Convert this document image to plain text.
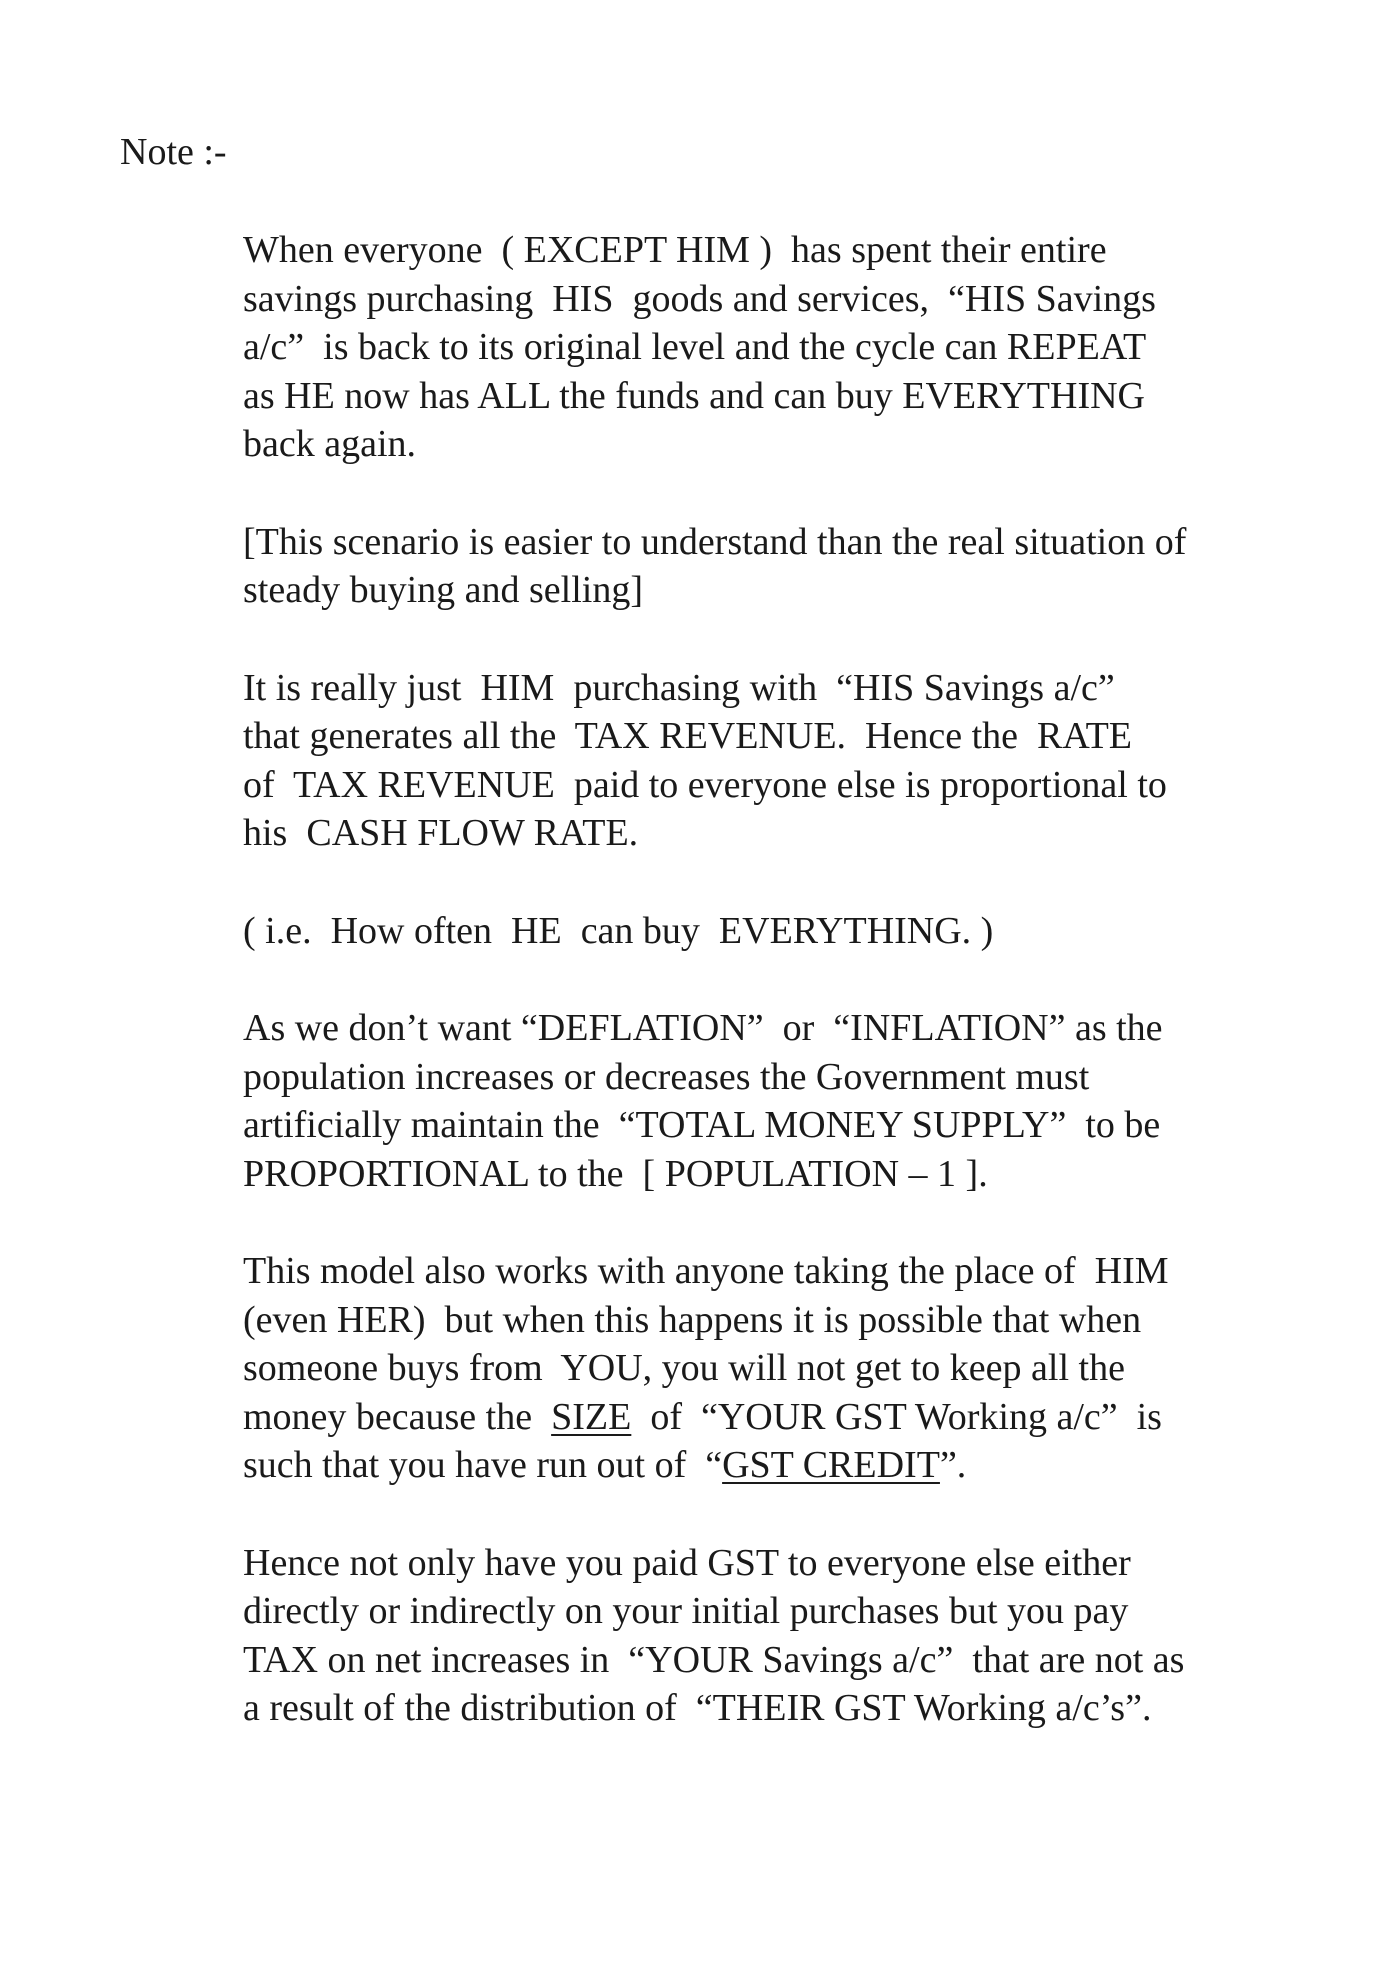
Note :-

When everyone  ( EXCEPT HIM )  has spent their entire
savings purchasing  HIS  goods and services,  “HIS Savings
a/c”  is back to its original level and the cycle can REPEAT
as HE now has ALL the funds and can buy EVERYTHING
back again.

[This scenario is easier to understand than the real situation of
steady buying and selling]

It is really just  HIM  purchasing with  “HIS Savings a/c”
that generates all the  TAX REVENUE.  Hence the  RATE
of  TAX REVENUE  paid to everyone else is proportional to
his  CASH FLOW RATE.

( i.e.  How often  HE  can buy  EVERYTHING. )

As we don’t want “DEFLATION”  or  “INFLATION” as the
population increases or decreases the Government must
artificially maintain the  “TOTAL MONEY SUPPLY”  to be
PROPORTIONAL to the  [ POPULATION – 1 ].

This model also works with anyone taking the place of  HIM
(even HER)  but when this happens it is possible that when
someone buys from  YOU, you will not get to keep all the
money because the  SIZE  of  “YOUR GST Working a/c”  is
such that you have run out of  “GST CREDIT”.

Hence not only have you paid GST to everyone else either
directly or indirectly on your initial purchases but you pay
TAX on net increases in  “YOUR Savings a/c”  that are not as
a result of the distribution of  “THEIR GST Working a/c’s”.
